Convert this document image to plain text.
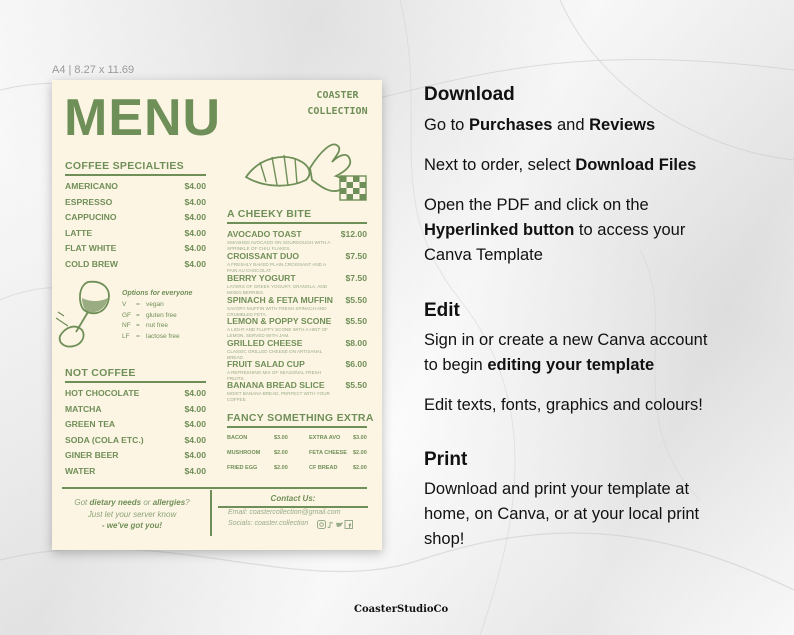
A4 | 8.27 x 11.69
MENU	COASTER
COLLECTION
COFFEE SPECIALTIES
AMERICANO	$4.00
ESPRESSO	$4.00
CAPPUCINO	$4.00
LATTE	$4.00
FLAT WHITE	$4.00
COLD BREW	$4.00
Options for everyone
V	= vegan
GF = gluten free
NF = nut free
LF = lactose free
NOT COFFEE
HOT CHOCOLATE	$4.00
MATCHA	$4.00
GREEN TEA	$4.00
SODA (COLA ETC.)	$4.00
GINER BEER	$4.00
WATER	$4.00
A CHEEKY BITE
AVOCADO TOAST	$12.00
SMASHED AVOCADO ON SOURDOUGH WITH A SPRINKLE OF CHILI FLAKES.
CROISSANT DUO	$7.50
A FRESHLY BAKED PLAIN CROISSANT AND A PAIN AU CHOCOLAT.
BERRY YOGURT	$7.50
LAYERS OF GREEK YOGURT, GRANOLA, AND MIXED BERRIES.
SPINACH & FETA MUFFIN $5.50
SAVORY MUFFIN WITH FRESH SPINACH AND CRUMBLED FETA.
LEMON & POPPY SCONE $5.50
A LIGHT AND FLUFFY SCONE WITH A HINT OF LEMON, SERVED WITH JAM.
GRILLED CHEESE	$8.00
CLASSIC GRILLED CHEESE ON ARTISANAL BREAD.
FRUIT SALAD CUP	$6.00
A REFRESHING MIX OF SEASONAL FRESH FRUITS.
BANANA BREAD SLICE $5.50
MOIST BANANA BREAD, PERFECT WITH YOUR COFFEE.
FANCY SOMETHING EXTRA
BACON	$3.00	EXTRA AVO $3.00
MUSHROOM $2.00	FETA CHEESE $2.00
FRIED EGG	$2.00	CF BREAD	$2.00
Got dietary needs or allergies?
Just let your server know
- we've got you!
Contact Us:
Email: coastercollection@gmail.com
Socials: coaster.collection
Download
Go to Purchases and Reviews
Next to order, select Download Files
Open the PDF and click on the
Hyperlinked button to access your
Canva Template
Edit
Sign in or create a new Canva account
to begin editing your template
Edit texts, fonts, graphics and colours!
Print
Download and print your template at
home, on Canva, or at your local print
shop!
CoasterStudioCo
